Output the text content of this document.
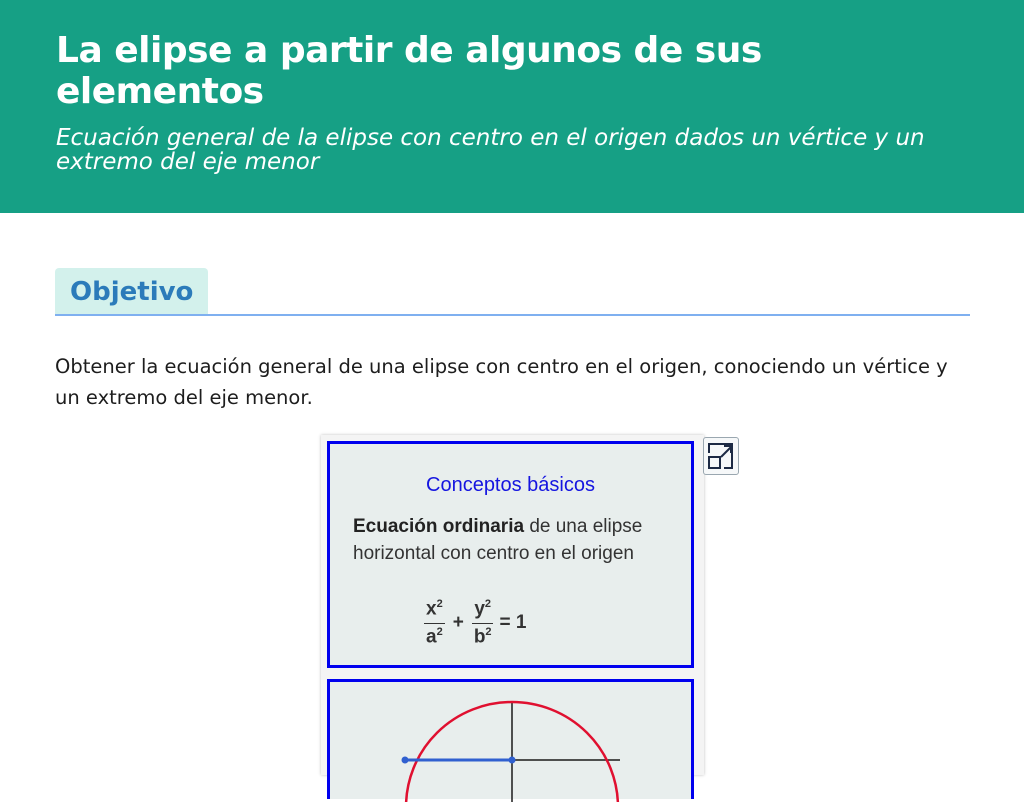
La elipse a partir de algunos de sus elementos
Ecuación general de la elipse con centro en el origen dados un vértice y un extremo del eje menor
Objetivo

Obtener la ecuación general de una elipse con centro en el origen, conociendo un vértice y un extremo del eje menor.

Conceptos básicos
Ecuación ordinaria de una elipse horizontal con centro en el origen
$\frac{x^2}{a^2} + \frac{y^2}{b^2} = 1$
